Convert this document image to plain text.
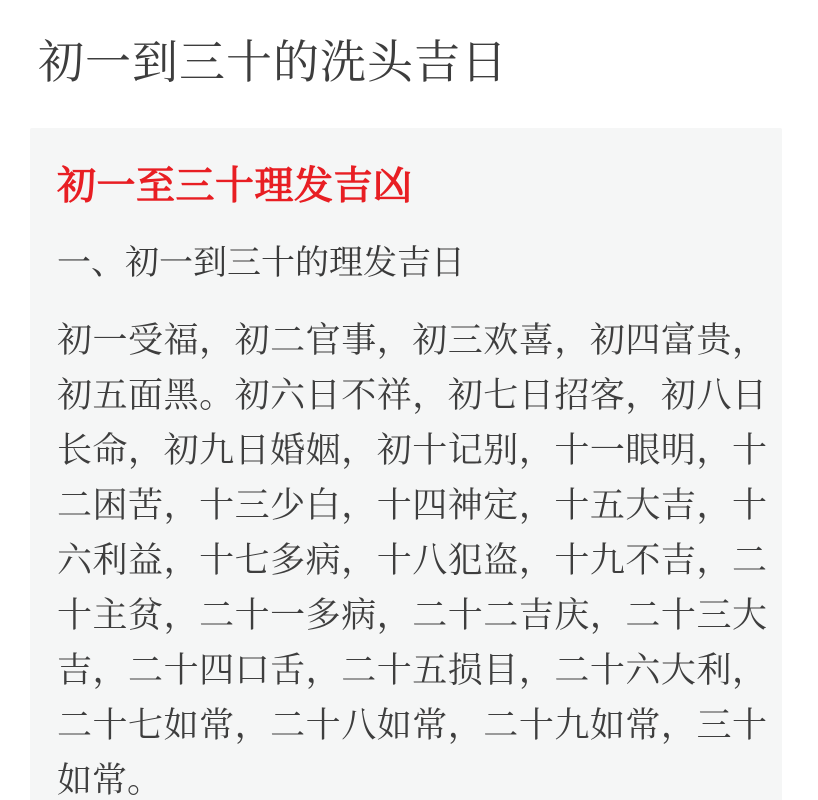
初一到三十的洗头吉日
初一至三十理发吉凶
一、初一到三十的理发吉日

初一受福，初二官事，初三欢喜，初四富贵，初五面黑。初六日不祥，初七日招客，初八日长命，初九日婚姻，初十记别，十一眼明，十二困苦，十三少白，十四神定，十五大吉，十六利益，十七多病，十八犯盗，十九不吉，二十主贫，二十一多病，二十二吉庆，二十三大吉，二十四口舌，二十五损目，二十六大利，二十七如常，二十八如常，二十九如常，三十如常。
